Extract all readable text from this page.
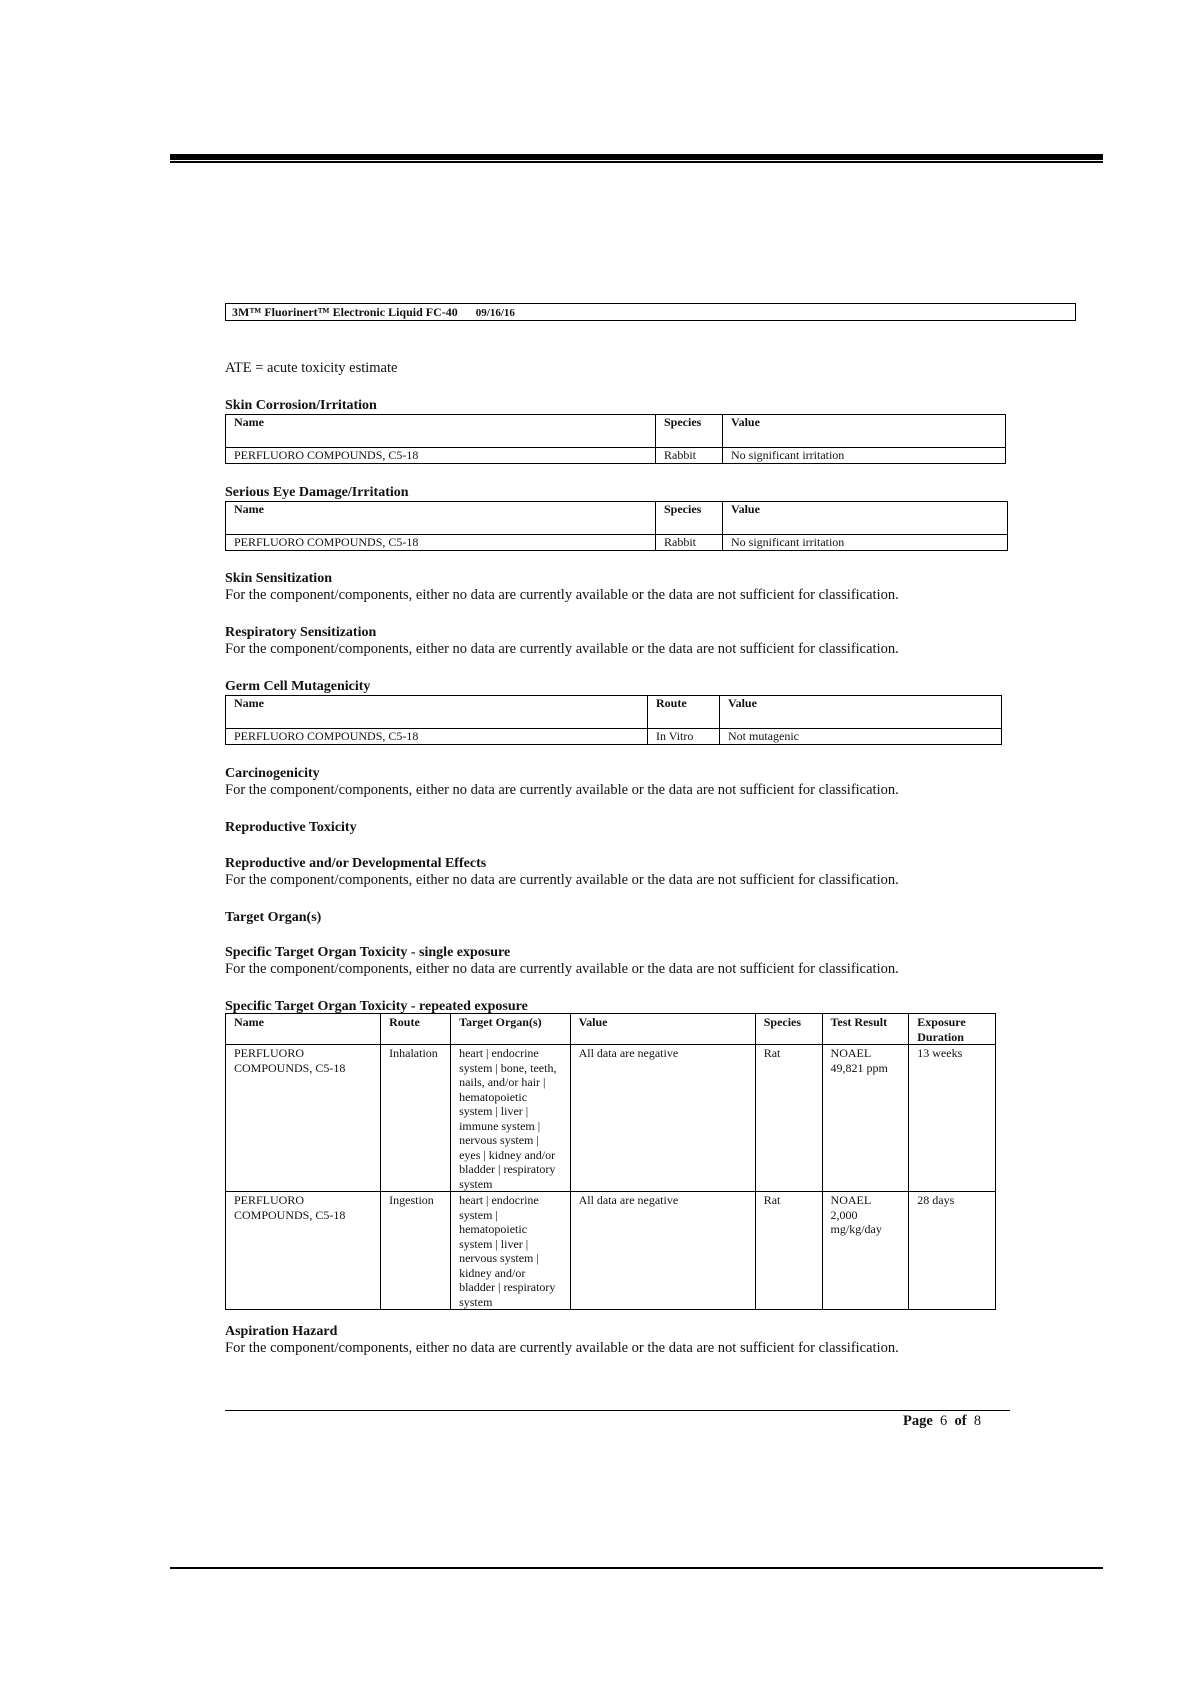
3M™ Fluorinert™ Electronic Liquid FC-40 09/16/16
ATE = acute toxicity estimate
Skin Corrosion/Irritation
Name	Species	Value
PERFLUORO COMPOUNDS, C5-18	Rabbit	No significant irritation
Serious Eye Damage/Irritation
Name	Species	Value
PERFLUORO COMPOUNDS, C5-18	Rabbit	No significant irritation
Skin Sensitization
For the component/components, either no data are currently available or the data are not sufficient for classification.
Respiratory Sensitization
For the component/components, either no data are currently available or the data are not sufficient for classification.
Germ Cell Mutagenicity
Name	Route	Value
PERFLUORO COMPOUNDS, C5-18	In Vitro	Not mutagenic
Carcinogenicity
For the component/components, either no data are currently available or the data are not sufficient for classification.
Reproductive Toxicity
Reproductive and/or Developmental Effects
For the component/components, either no data are currently available or the data are not sufficient for classification.
Target Organ(s)
Specific Target Organ Toxicity - single exposure
For the component/components, either no data are currently available or the data are not sufficient for classification.
Specific Target Organ Toxicity - repeated exposure
Name	Route	Target Organ(s)	Value	Species	Test Result	Exposure Duration
PERFLUORO COMPOUNDS, C5-18	Inhalation	heart | endocrine system | bone, teeth, nails, and/or hair | hematopoietic system | liver | immune system | nervous system | eyes | kidney and/or bladder | respiratory system	All data are negative	Rat	NOAEL 49,821 ppm	13 weeks
PERFLUORO COMPOUNDS, C5-18	Ingestion	heart | endocrine system | hematopoietic system | liver | nervous system | kidney and/or bladder | respiratory system	All data are negative	Rat	NOAEL 2,000 mg/kg/day	28 days
Aspiration Hazard
For the component/components, either no data are currently available or the data are not sufficient for classification.
Page 6 of 8
